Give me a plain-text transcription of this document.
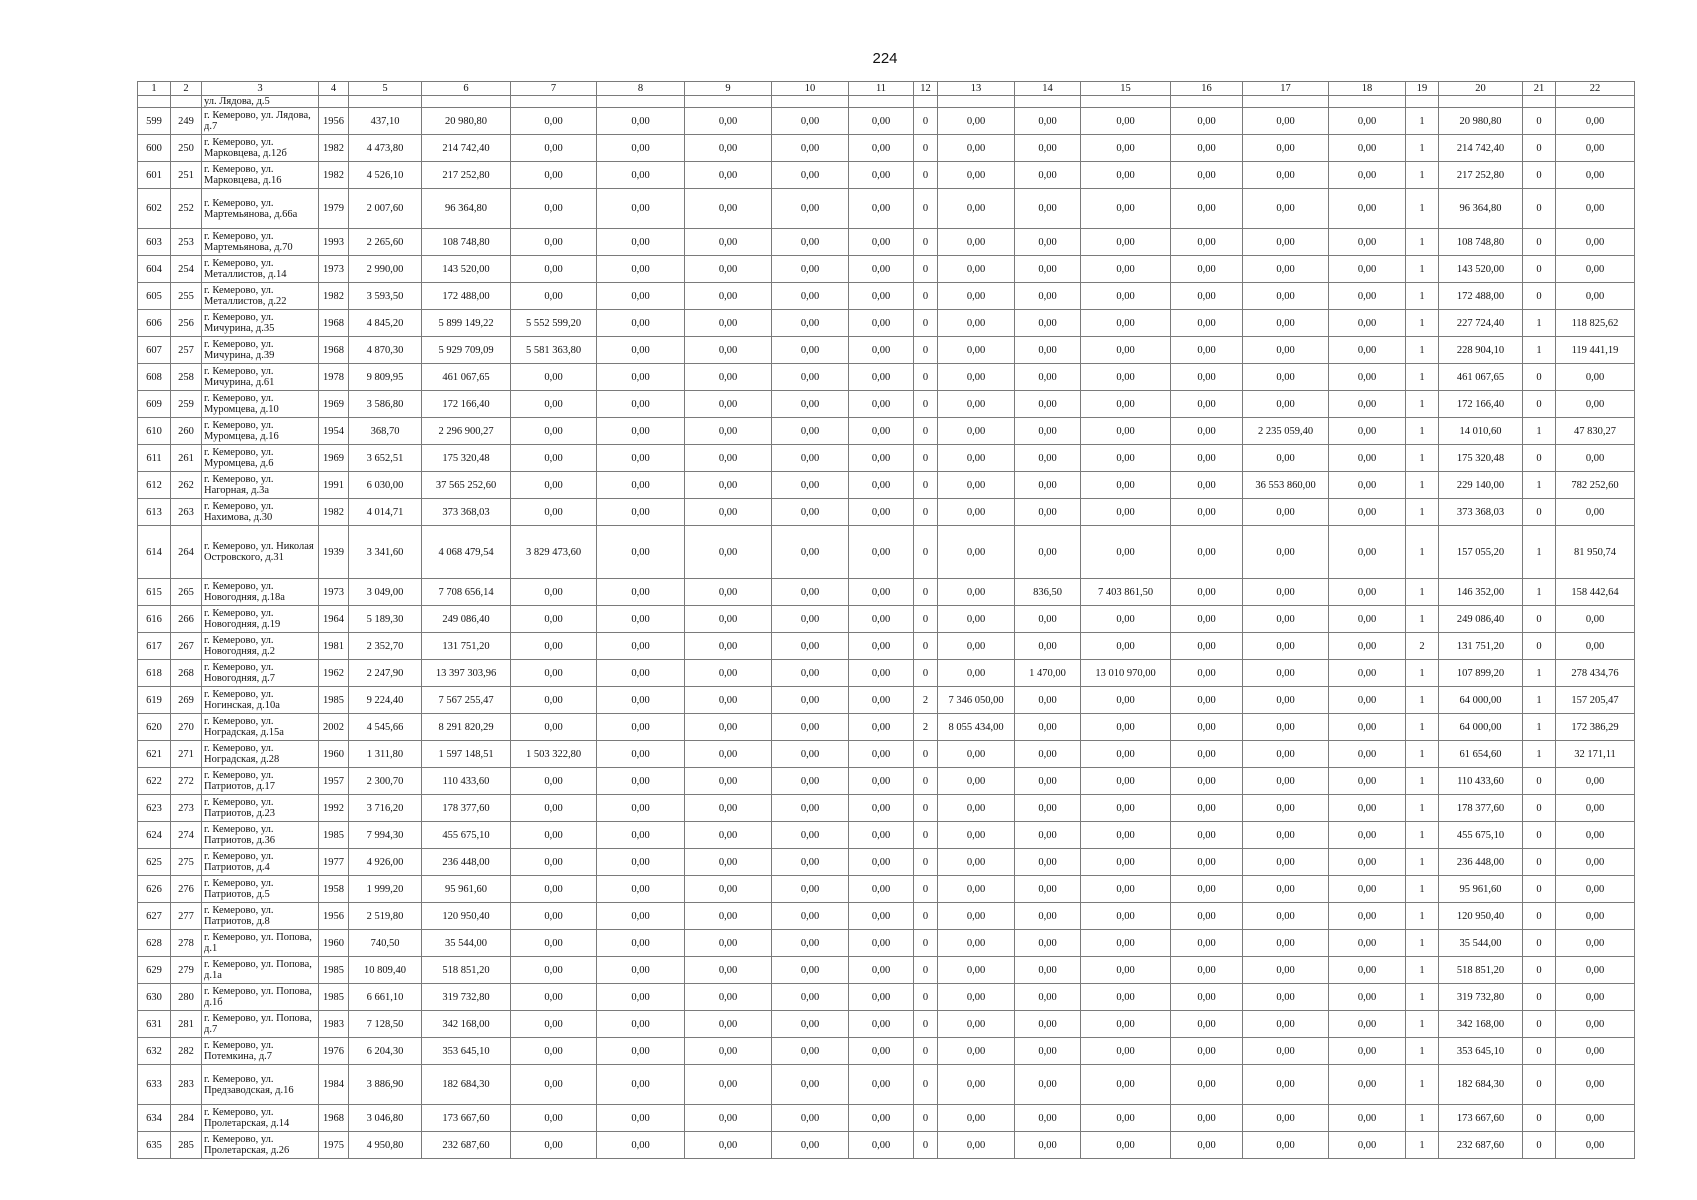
224
1	2	3	4	5	6	7	8	9	10	11	12	13	14	15	16	17	18	19	20	21	22
		ул. Лядова, д.5																			
599	249	г. Кемерово, ул. Лядова, д.7	1956	437,10	20 980,80	0,00	0,00	0,00	0,00	0,00	0	0,00	0,00	0,00	0,00	0,00	0,00	1	20 980,80	0	0,00
600	250	г. Кемерово, ул. Марковцева, д.12б	1982	4 473,80	214 742,40	0,00	0,00	0,00	0,00	0,00	0	0,00	0,00	0,00	0,00	0,00	0,00	1	214 742,40	0	0,00
601	251	г. Кемерово, ул. Марковцева, д.16	1982	4 526,10	217 252,80	0,00	0,00	0,00	0,00	0,00	0	0,00	0,00	0,00	0,00	0,00	0,00	1	217 252,80	0	0,00
602	252	г. Кемерово, ул. Мартемьянова, д.66а	1979	2 007,60	96 364,80	0,00	0,00	0,00	0,00	0,00	0	0,00	0,00	0,00	0,00	0,00	0,00	1	96 364,80	0	0,00
603	253	г. Кемерово, ул. Мартемьянова, д.70	1993	2 265,60	108 748,80	0,00	0,00	0,00	0,00	0,00	0	0,00	0,00	0,00	0,00	0,00	0,00	1	108 748,80	0	0,00
604	254	г. Кемерово, ул. Металлистов, д.14	1973	2 990,00	143 520,00	0,00	0,00	0,00	0,00	0,00	0	0,00	0,00	0,00	0,00	0,00	0,00	1	143 520,00	0	0,00
605	255	г. Кемерово, ул. Металлистов, д.22	1982	3 593,50	172 488,00	0,00	0,00	0,00	0,00	0,00	0	0,00	0,00	0,00	0,00	0,00	0,00	1	172 488,00	0	0,00
606	256	г. Кемерово, ул. Мичурина, д.35	1968	4 845,20	5 899 149,22	5 552 599,20	0,00	0,00	0,00	0,00	0	0,00	0,00	0,00	0,00	0,00	0,00	1	227 724,40	1	118 825,62
607	257	г. Кемерово, ул. Мичурина, д.39	1968	4 870,30	5 929 709,09	5 581 363,80	0,00	0,00	0,00	0,00	0	0,00	0,00	0,00	0,00	0,00	0,00	1	228 904,10	1	119 441,19
608	258	г. Кемерово, ул. Мичурина, д.61	1978	9 809,95	461 067,65	0,00	0,00	0,00	0,00	0,00	0	0,00	0,00	0,00	0,00	0,00	0,00	1	461 067,65	0	0,00
609	259	г. Кемерово, ул. Муромцева, д.10	1969	3 586,80	172 166,40	0,00	0,00	0,00	0,00	0,00	0	0,00	0,00	0,00	0,00	0,00	0,00	1	172 166,40	0	0,00
610	260	г. Кемерово, ул. Муромцева, д.16	1954	368,70	2 296 900,27	0,00	0,00	0,00	0,00	0,00	0	0,00	0,00	0,00	0,00	2 235 059,40	0,00	1	14 010,60	1	47 830,27
611	261	г. Кемерово, ул. Муромцева, д.6	1969	3 652,51	175 320,48	0,00	0,00	0,00	0,00	0,00	0	0,00	0,00	0,00	0,00	0,00	0,00	1	175 320,48	0	0,00
612	262	г. Кемерово, ул. Нагорная, д.3а	1991	6 030,00	37 565 252,60	0,00	0,00	0,00	0,00	0,00	0	0,00	0,00	0,00	0,00	36 553 860,00	0,00	1	229 140,00	1	782 252,60
613	263	г. Кемерово, ул. Нахимова, д.30	1982	4 014,71	373 368,03	0,00	0,00	0,00	0,00	0,00	0	0,00	0,00	0,00	0,00	0,00	0,00	1	373 368,03	0	0,00
614	264	г. Кемерово, ул. Николая Островского, д.31	1939	3 341,60	4 068 479,54	3 829 473,60	0,00	0,00	0,00	0,00	0	0,00	0,00	0,00	0,00	0,00	0,00	1	157 055,20	1	81 950,74
615	265	г. Кемерово, ул. Новогодняя, д.18а	1973	3 049,00	7 708 656,14	0,00	0,00	0,00	0,00	0,00	0	0,00	836,50	7 403 861,50	0,00	0,00	0,00	1	146 352,00	1	158 442,64
616	266	г. Кемерово, ул. Новогодняя, д.19	1964	5 189,30	249 086,40	0,00	0,00	0,00	0,00	0,00	0	0,00	0,00	0,00	0,00	0,00	0,00	1	249 086,40	0	0,00
617	267	г. Кемерово, ул. Новогодняя, д.2	1981	2 352,70	131 751,20	0,00	0,00	0,00	0,00	0,00	0	0,00	0,00	0,00	0,00	0,00	0,00	2	131 751,20	0	0,00
618	268	г. Кемерово, ул. Новогодняя, д.7	1962	2 247,90	13 397 303,96	0,00	0,00	0,00	0,00	0,00	0	0,00	1 470,00	13 010 970,00	0,00	0,00	0,00	1	107 899,20	1	278 434,76
619	269	г. Кемерово, ул. Ногинская, д.10а	1985	9 224,40	7 567 255,47	0,00	0,00	0,00	0,00	0,00	2	7 346 050,00	0,00	0,00	0,00	0,00	0,00	1	64 000,00	1	157 205,47
620	270	г. Кемерово, ул. Ноградская, д.15а	2002	4 545,66	8 291 820,29	0,00	0,00	0,00	0,00	0,00	2	8 055 434,00	0,00	0,00	0,00	0,00	0,00	1	64 000,00	1	172 386,29
621	271	г. Кемерово, ул. Ноградская, д.28	1960	1 311,80	1 597 148,51	1 503 322,80	0,00	0,00	0,00	0,00	0	0,00	0,00	0,00	0,00	0,00	0,00	1	61 654,60	1	32 171,11
622	272	г. Кемерово, ул. Патриотов, д.17	1957	2 300,70	110 433,60	0,00	0,00	0,00	0,00	0,00	0	0,00	0,00	0,00	0,00	0,00	0,00	1	110 433,60	0	0,00
623	273	г. Кемерово, ул. Патриотов, д.23	1992	3 716,20	178 377,60	0,00	0,00	0,00	0,00	0,00	0	0,00	0,00	0,00	0,00	0,00	0,00	1	178 377,60	0	0,00
624	274	г. Кемерово, ул. Патриотов, д.36	1985	7 994,30	455 675,10	0,00	0,00	0,00	0,00	0,00	0	0,00	0,00	0,00	0,00	0,00	0,00	1	455 675,10	0	0,00
625	275	г. Кемерово, ул. Патриотов, д.4	1977	4 926,00	236 448,00	0,00	0,00	0,00	0,00	0,00	0	0,00	0,00	0,00	0,00	0,00	0,00	1	236 448,00	0	0,00
626	276	г. Кемерово, ул. Патриотов, д.5	1958	1 999,20	95 961,60	0,00	0,00	0,00	0,00	0,00	0	0,00	0,00	0,00	0,00	0,00	0,00	1	95 961,60	0	0,00
627	277	г. Кемерово, ул. Патриотов, д.8	1956	2 519,80	120 950,40	0,00	0,00	0,00	0,00	0,00	0	0,00	0,00	0,00	0,00	0,00	0,00	1	120 950,40	0	0,00
628	278	г. Кемерово, ул. Попова, д.1	1960	740,50	35 544,00	0,00	0,00	0,00	0,00	0,00	0	0,00	0,00	0,00	0,00	0,00	0,00	1	35 544,00	0	0,00
629	279	г. Кемерово, ул. Попова, д.1а	1985	10 809,40	518 851,20	0,00	0,00	0,00	0,00	0,00	0	0,00	0,00	0,00	0,00	0,00	0,00	1	518 851,20	0	0,00
630	280	г. Кемерово, ул. Попова, д.1б	1985	6 661,10	319 732,80	0,00	0,00	0,00	0,00	0,00	0	0,00	0,00	0,00	0,00	0,00	0,00	1	319 732,80	0	0,00
631	281	г. Кемерово, ул. Попова, д.7	1983	7 128,50	342 168,00	0,00	0,00	0,00	0,00	0,00	0	0,00	0,00	0,00	0,00	0,00	0,00	1	342 168,00	0	0,00
632	282	г. Кемерово, ул. Потемкина, д.7	1976	6 204,30	353 645,10	0,00	0,00	0,00	0,00	0,00	0	0,00	0,00	0,00	0,00	0,00	0,00	1	353 645,10	0	0,00
633	283	г. Кемерово, ул. Предзаводская, д.16	1984	3 886,90	182 684,30	0,00	0,00	0,00	0,00	0,00	0	0,00	0,00	0,00	0,00	0,00	0,00	1	182 684,30	0	0,00
634	284	г. Кемерово, ул. Пролетарская, д.14	1968	3 046,80	173 667,60	0,00	0,00	0,00	0,00	0,00	0	0,00	0,00	0,00	0,00	0,00	0,00	1	173 667,60	0	0,00
635	285	г. Кемерово, ул. Пролетарская, д.26	1975	4 950,80	232 687,60	0,00	0,00	0,00	0,00	0,00	0	0,00	0,00	0,00	0,00	0,00	0,00	1	232 687,60	0	0,00
